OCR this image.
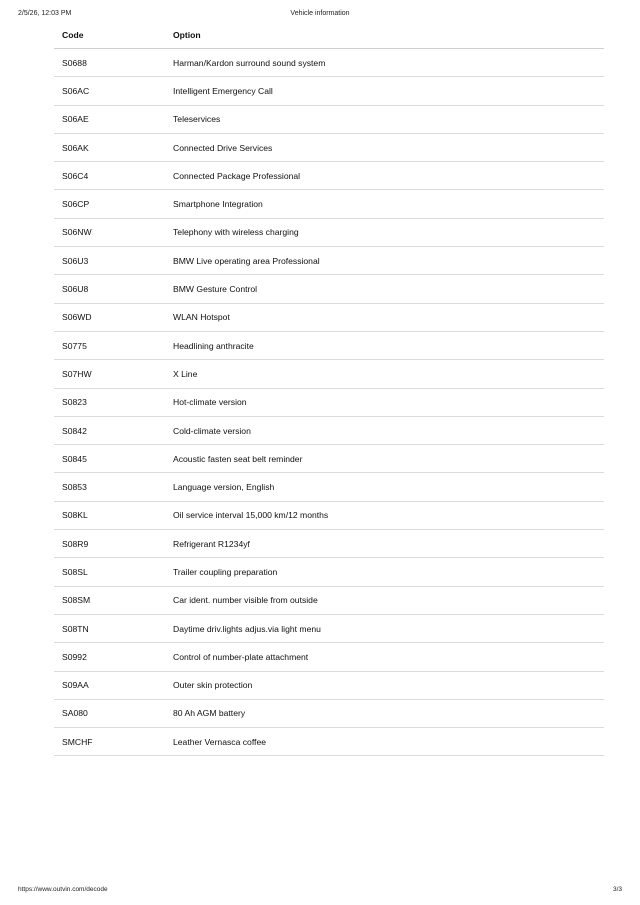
2/5/26, 12:03 PM	Vehicle information
Code	Option
S0688	Harman/Kardon surround sound system
S06AC	Intelligent Emergency Call
S06AE	Teleservices
S06AK	Connected Drive Services
S06C4	Connected Package Professional
S06CP	Smartphone Integration
S06NW	Telephony with wireless charging
S06U3	BMW Live operating area Professional
S06U8	BMW Gesture Control
S06WD	WLAN Hotspot
S0775	Headlining anthracite
S07HW	X Line
S0823	Hot-climate version
S0842	Cold-climate version
S0845	Acoustic fasten seat belt reminder
S0853	Language version, English
S08KL	Oil service interval 15,000 km/12 months
S08R9	Refrigerant R1234yf
S08SL	Trailer coupling preparation
S08SM	Car ident. number visible from outside
S08TN	Daytime driv.lights adjus.via light menu
S0992	Control of number-plate attachment
S09AA	Outer skin protection
SA080	80 Ah AGM battery
SMCHF	Leather Vernasca coffee
https://www.outvin.com/decode	3/3
